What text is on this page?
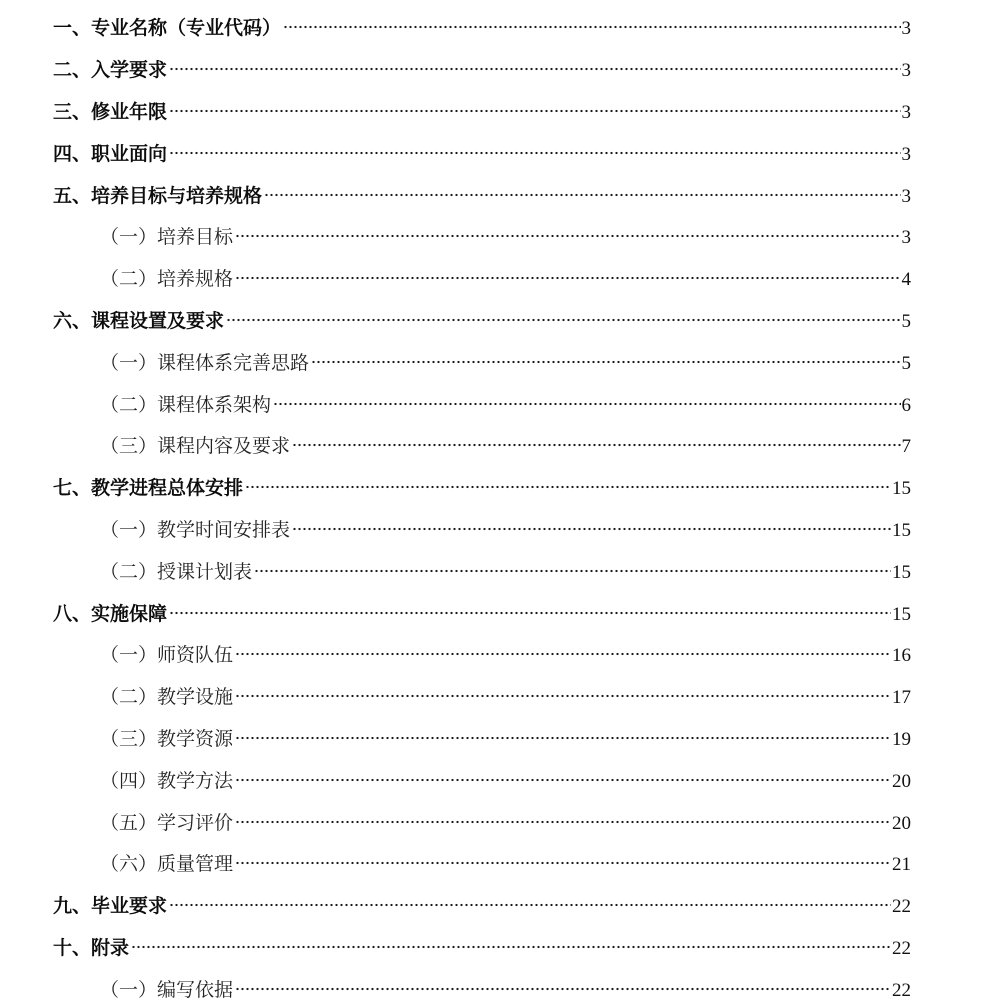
一、专业名称（专业代码）	3
二、入学要求	3
三、修业年限	3
四、职业面向	3
五、培养目标与培养规格	3
（一）培养目标	3
（二）培养规格	4
六、课程设置及要求	5
（一）课程体系完善思路	5
（二）课程体系架构	6
（三）课程内容及要求	7
七、教学进程总体安排	15
（一）教学时间安排表	15
（二）授课计划表	15
八、实施保障	15
（一）师资队伍	16
（二）教学设施	17
（三）教学资源	19
（四）教学方法	20
（五）学习评价	20
（六）质量管理	21
九、毕业要求	22
十、附录	22
（一）编写依据	22
